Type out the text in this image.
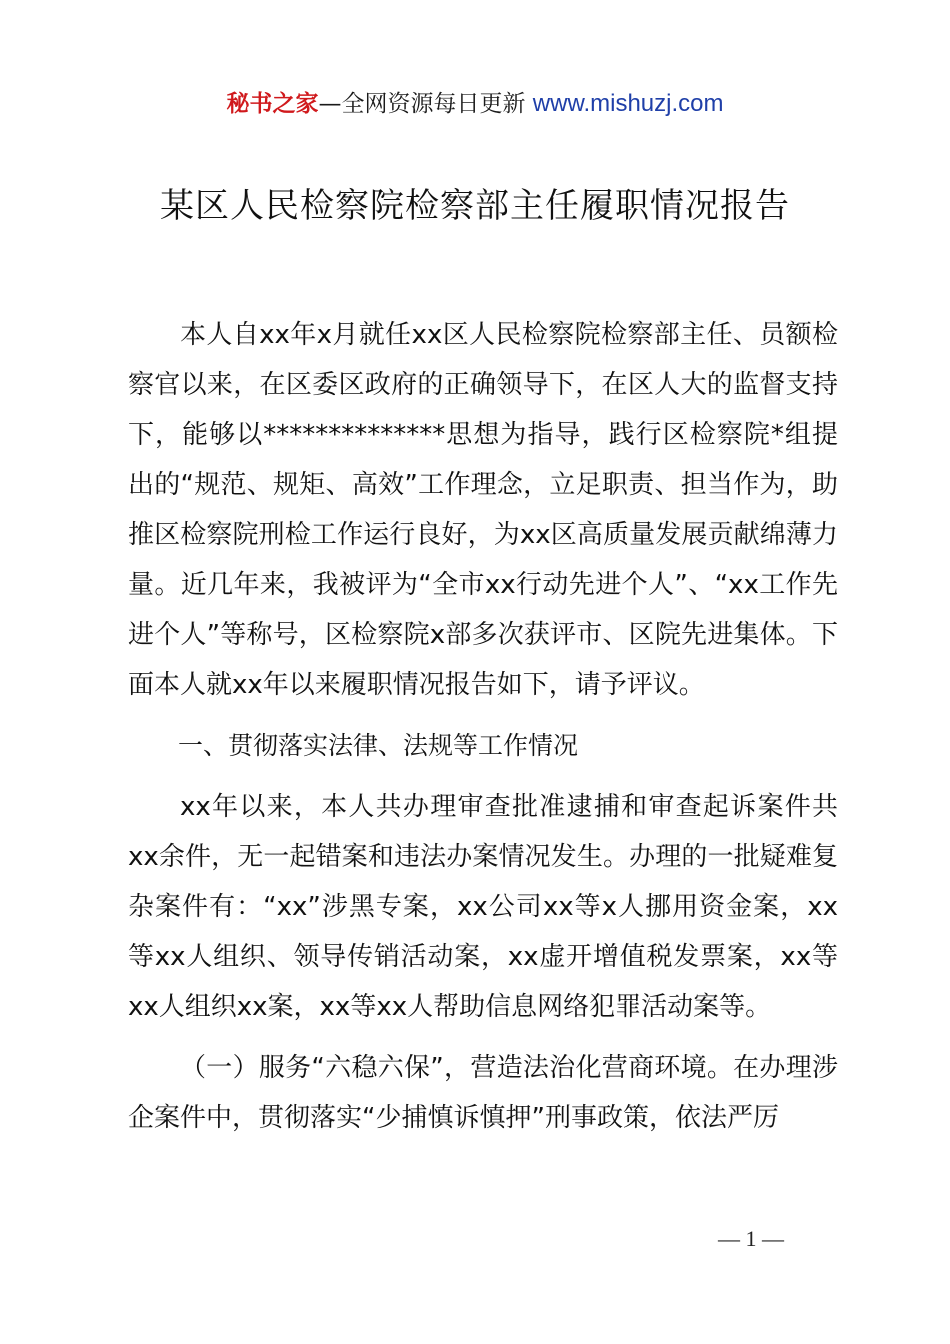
秘书之家—全网资源每日更新 www.mishuzj.com
某区人民检察院检察部主任履职情况报告

本人自xx年x月就任xx区人民检察院检察部主任、员额检察官以来，在区委区政府的正确领导下，在区人大的监督支持下，能够以**************思想为指导，践行区检察院*组提出的“规范、规矩、高效”工作理念，立足职责、担当作为，助推区检察院刑检工作运行良好，为xx区高质量发展贡献绵薄力量。近几年来，我被评为“全市xx行动先进个人”、“xx工作先进个人”等称号，区检察院x部多次获评市、区院先进集体。下面本人就xx年以来履职情况报告如下，请予评议。

一、贯彻落实法律、法规等工作情况

xx年以来，本人共办理审查批准逮捕和审查起诉案件共xx余件，无一起错案和违法办案情况发生。办理的一批疑难复杂案件有：“xx”涉黑专案，xx公司xx等x人挪用资金案，xx等xx人组织、领导传销活动案，xx虚开增值税发票案，xx等xx人组织xx案，xx等xx人帮助信息网络犯罪活动案等。

（一）服务“六稳六保”，营造法治化营商环境。在办理涉企案件中，贯彻落实“少捕慎诉慎押”刑事政策，依法严厉

— 1 —
